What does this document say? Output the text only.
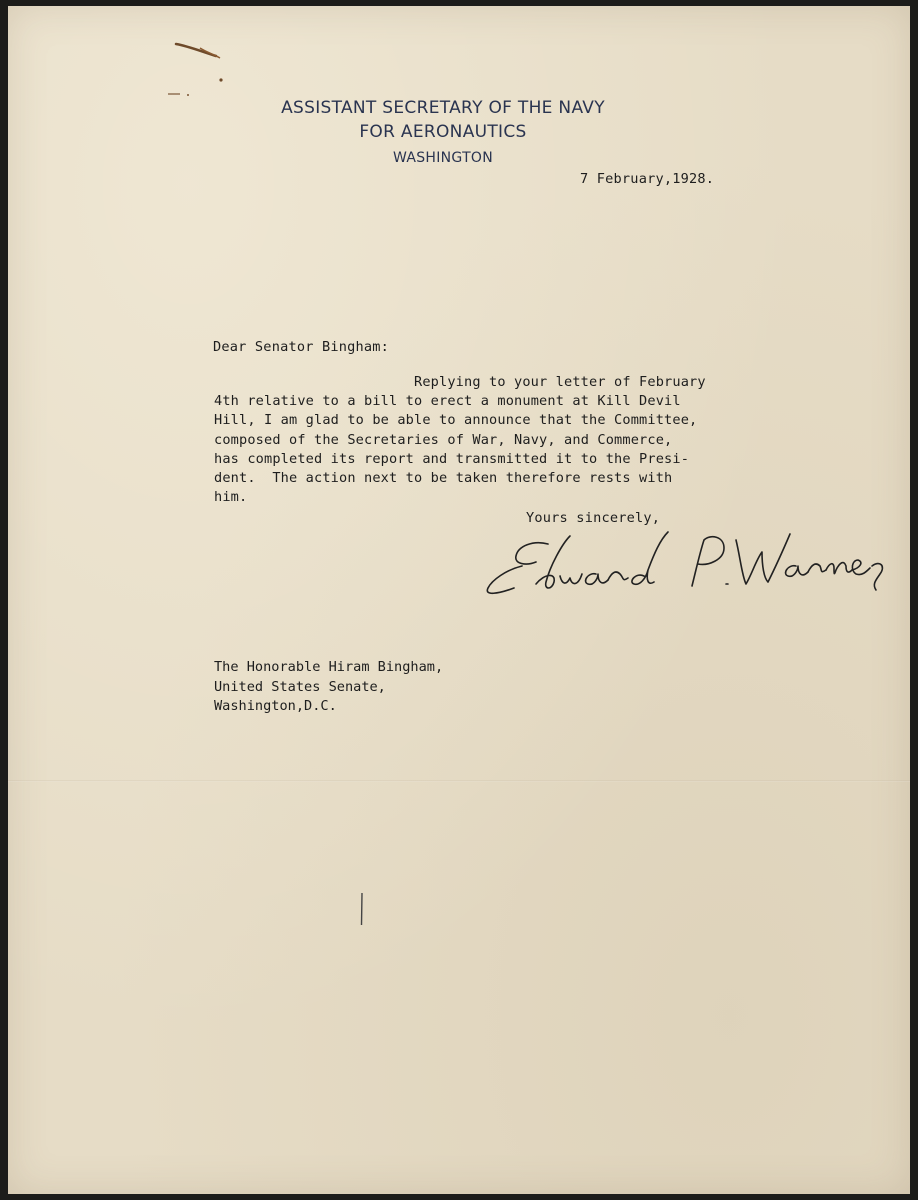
ASSISTANT SECRETARY OF THE NAVY
FOR AERONAUTICS
WASHINGTON
7 February,1928.
Dear Senator Bingham:
Replying to your letter of February
4th relative to a bill to erect a monument at Kill Devil
Hill, I am glad to be able to announce that the Committee,
composed of the Secretaries of War, Navy, and Commerce,
has completed its report and transmitted it to the Presi-
dent.  The action next to be taken therefore rests with
him.
Yours sincerely,
The Honorable Hiram Bingham,
United States Senate,
Washington,D.C.
